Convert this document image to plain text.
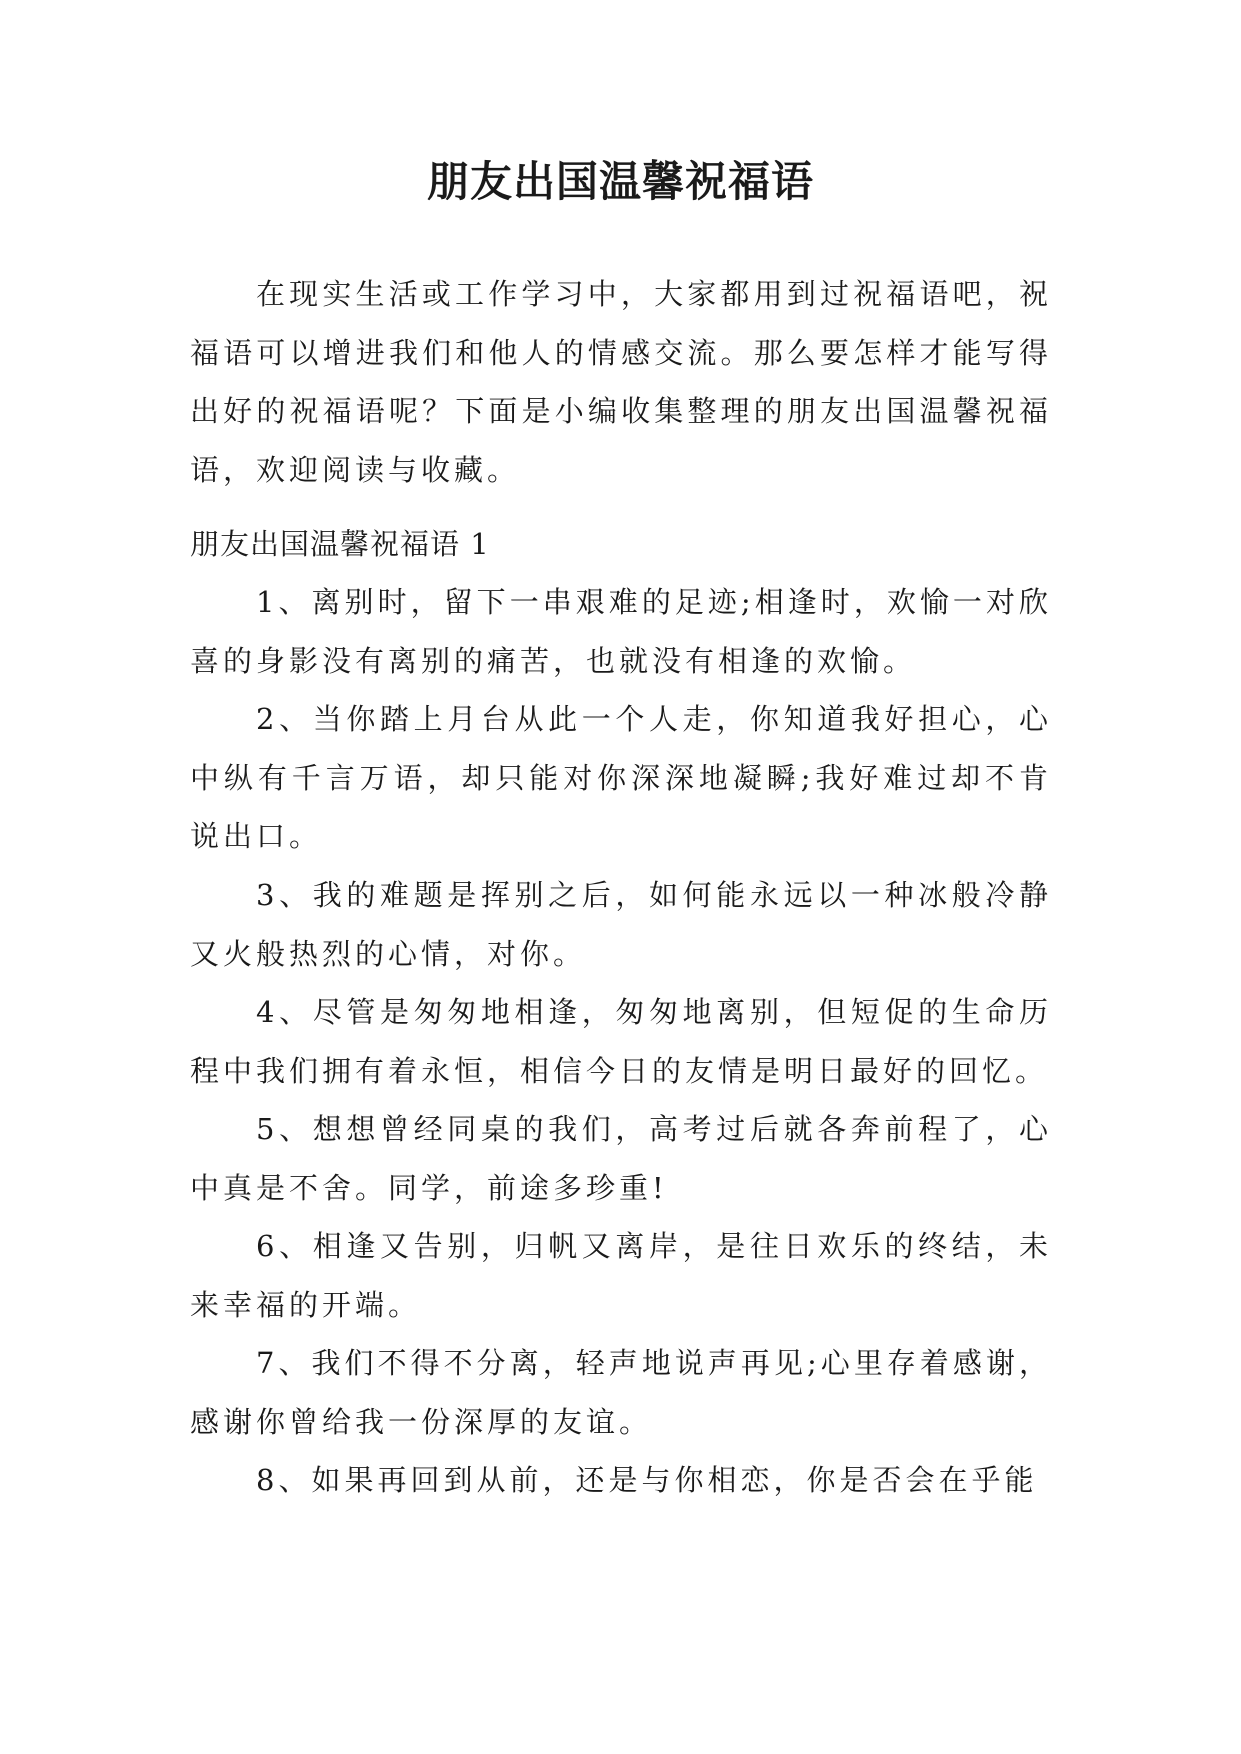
朋友出国温馨祝福语

在现实生活或工作学习中，大家都用到过祝福语吧，祝福语可以增进我们和他人的情感交流。那么要怎样才能写得出好的祝福语呢？下面是小编收集整理的朋友出国温馨祝福语，欢迎阅读与收藏。

朋友出国温馨祝福语 1

1、离别时，留下一串艰难的足迹;相逢时，欢愉一对欣喜的身影没有离别的痛苦，也就没有相逢的欢愉。

2、当你踏上月台从此一个人走，你知道我好担心，心中纵有千言万语，却只能对你深深地凝瞬;我好难过却不肯说出口。

3、我的难题是挥别之后，如何能永远以一种冰般冷静又火般热烈的心情，对你。

4、尽管是匆匆地相逢，匆匆地离别，但短促的生命历程中我们拥有着永恒，相信今日的友情是明日最好的回忆。

5、想想曾经同桌的我们，高考过后就各奔前程了，心中真是不舍。同学，前途多珍重!

6、相逢又告别，归帆又离岸，是往日欢乐的终结，未来幸福的开端。

7、我们不得不分离，轻声地说声再见;心里存着感谢，感谢你曾给我一份深厚的友谊。

8、如果再回到从前，还是与你相恋，你是否会在乎能
